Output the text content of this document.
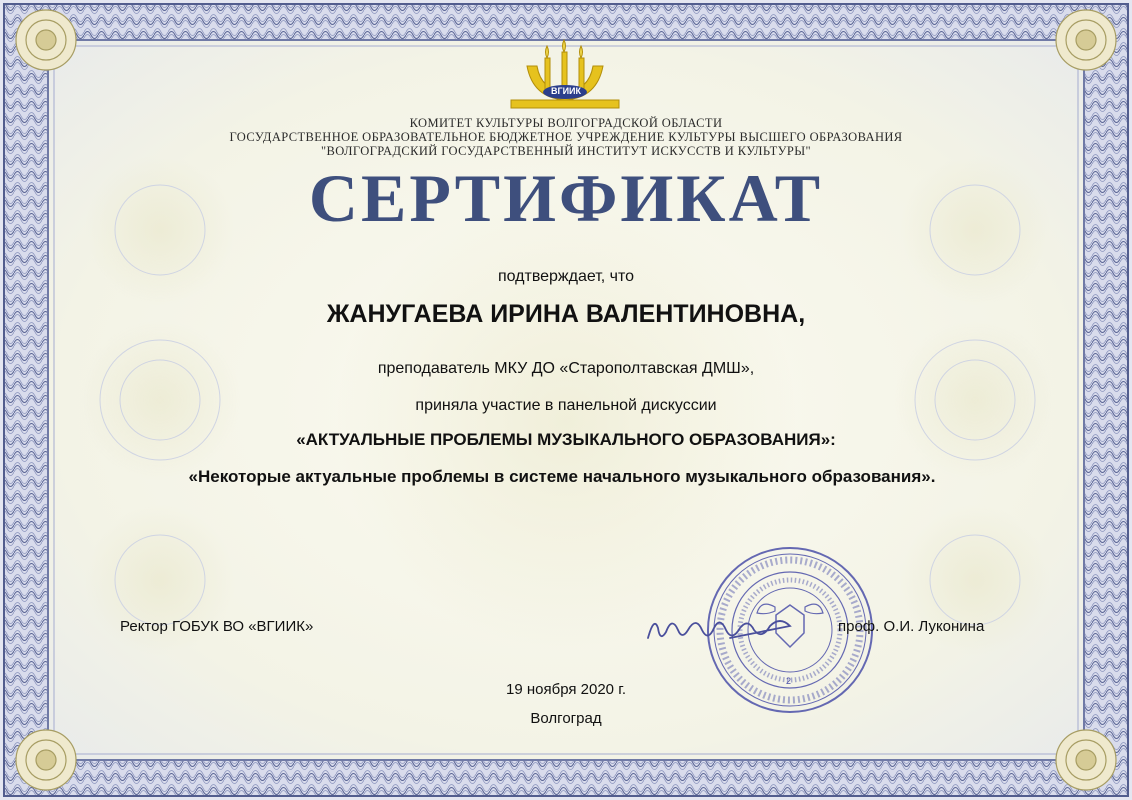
ВГИИК
КОМИТЕТ КУЛЬТУРЫ ВОЛГОГРАДСКОЙ ОБЛАСТИ
ГОСУДАРСТВЕННОЕ ОБРАЗОВАТЕЛЬНОЕ БЮДЖЕТНОЕ УЧРЕЖДЕНИЕ КУЛЬТУРЫ ВЫСШЕГО ОБРАЗОВАНИЯ
"ВОЛГОГРАДСКИЙ ГОСУДАРСТВЕННЫЙ ИНСТИТУТ ИСКУССТВ И КУЛЬТУРЫ"
СЕРТИФИКАТ
подтверждает, что
ЖАНУГАЕВА ИРИНА ВАЛЕНТИНОВНА,
преподаватель МКУ ДО «Старополтавская ДМШ»,
приняла участие в панельной дискуссии
«АКТУАЛЬНЫЕ ПРОБЛЕМЫ МУЗЫКАЛЬНОГО ОБРАЗОВАНИЯ»:
«Некоторые актуальные проблемы в системе начального музыкального образования».
2
Ректор ГОБУК ВО «ВГИИК»	проф. О.И. Луконина
19 ноября 2020 г.
Волгоград
